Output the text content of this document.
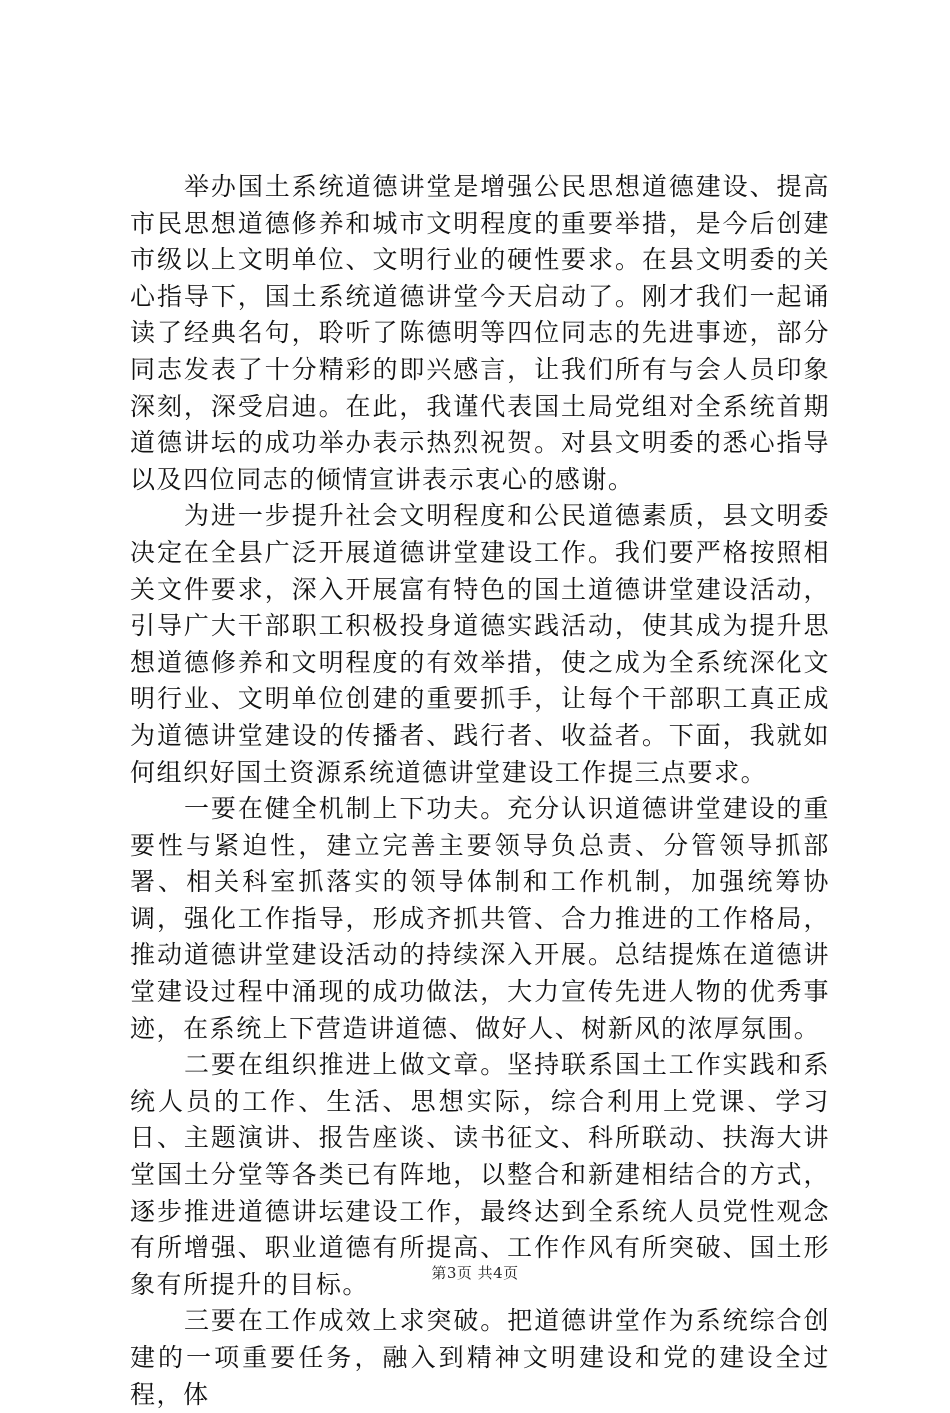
举办国土系统道德讲堂是增强公民思想道德建设、提高市民思想道德修养和城市文明程度的重要举措，是今后创建市级以上文明单位、文明行业的硬性要求。在县文明委的关心指导下，国土系统道德讲堂今天启动了。刚才我们一起诵读了经典名句，聆听了陈德明等四位同志的先进事迹，部分同志发表了十分精彩的即兴感言，让我们所有与会人员印象深刻，深受启迪。在此，我谨代表国土局党组对全系统首期道德讲坛的成功举办表示热烈祝贺。对县文明委的悉心指导以及四位同志的倾情宣讲表示衷心的感谢。

为进一步提升社会文明程度和公民道德素质，县文明委决定在全县广泛开展道德讲堂建设工作。我们要严格按照相关文件要求，深入开展富有特色的国土道德讲堂建设活动，引导广大干部职工积极投身道德实践活动，使其成为提升思想道德修养和文明程度的有效举措，使之成为全系统深化文明行业、文明单位创建的重要抓手，让每个干部职工真正成为道德讲堂建设的传播者、践行者、收益者。下面，我就如何组织好国土资源系统道德讲堂建设工作提三点要求。

一要在健全机制上下功夫。充分认识道德讲堂建设的重要性与紧迫性，建立完善主要领导负总责、分管领导抓部署、相关科室抓落实的领导体制和工作机制，加强统筹协调，强化工作指导，形成齐抓共管、合力推进的工作格局，推动道德讲堂建设活动的持续深入开展。总结提炼在道德讲堂建设过程中涌现的成功做法，大力宣传先进人物的优秀事迹，在系统上下营造讲道德、做好人、树新风的浓厚氛围。

二要在组织推进上做文章。坚持联系国土工作实践和系统人员的工作、生活、思想实际，综合利用上党课、学习日、主题演讲、报告座谈、读书征文、科所联动、扶海大讲堂国土分堂等各类已有阵地，以整合和新建相结合的方式，逐步推进道德讲坛建设工作，最终达到全系统人员党性观念有所增强、职业道德有所提高、工作作风有所突破、国土形象有所提升的目标。

三要在工作成效上求突破。把道德讲堂作为系统综合创建的一项重要任务，融入到精神文明建设和党的建设全过程，体

第3页 共4页
